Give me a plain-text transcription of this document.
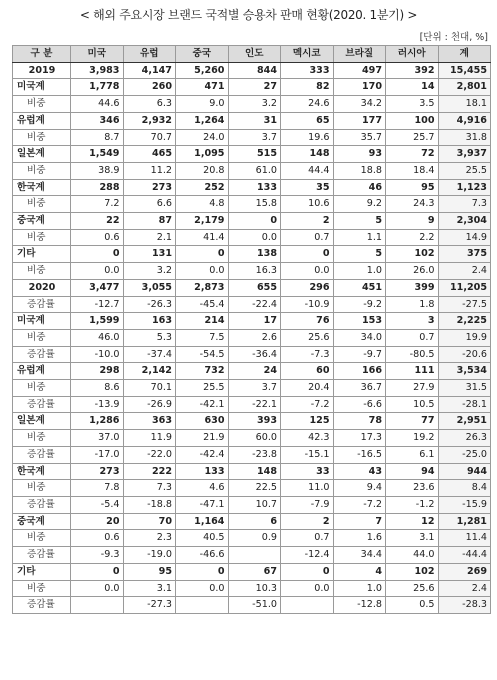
< 해외 주요시장 브랜드 국적별 승용차 판매 현황(2020. 1분기) >
[단위 : 천대, %]
구 분	미국	유럽	중국	인도	멕시코	브라질	러시아	계
2019	3,983	4,147	5,260	844	333	497	392	15,455
미국계	1,778	260	471	27	82	170	14	2,801
비중	44.6	6.3	9.0	3.2	24.6	34.2	3.5	18.1
유럽계	346	2,932	1,264	31	65	177	100	4,916
비중	8.7	70.7	24.0	3.7	19.6	35.7	25.7	31.8
일본계	1,549	465	1,095	515	148	93	72	3,937
비중	38.9	11.2	20.8	61.0	44.4	18.8	18.4	25.5
한국계	288	273	252	133	35	46	95	1,123
비중	7.2	6.6	4.8	15.8	10.6	9.2	24.3	7.3
중국계	22	87	2,179	0	2	5	9	2,304
비중	0.6	2.1	41.4	0.0	0.7	1.1	2.2	14.9
기타	0	131	0	138	0	5	102	375
비중	0.0	3.2	0.0	16.3	0.0	1.0	26.0	2.4
2020	3,477	3,055	2,873	655	296	451	399	11,205
증감률	-12.7	-26.3	-45.4	-22.4	-10.9	-9.2	1.8	-27.5
미국계	1,599	163	214	17	76	153	3	2,225
비중	46.0	5.3	7.5	2.6	25.6	34.0	0.7	19.9
증감률	-10.0	-37.4	-54.5	-36.4	-7.3	-9.7	-80.5	-20.6
유럽계	298	2,142	732	24	60	166	111	3,534
비중	8.6	70.1	25.5	3.7	20.4	36.7	27.9	31.5
증감률	-13.9	-26.9	-42.1	-22.1	-7.2	-6.6	10.5	-28.1
일본계	1,286	363	630	393	125	78	77	2,951
비중	37.0	11.9	21.9	60.0	42.3	17.3	19.2	26.3
증감률	-17.0	-22.0	-42.4	-23.8	-15.1	-16.5	6.1	-25.0
한국계	273	222	133	148	33	43	94	944
비중	7.8	7.3	4.6	22.5	11.0	9.4	23.6	8.4
증감률	-5.4	-18.8	-47.1	10.7	-7.9	-7.2	-1.2	-15.9
중국계	20	70	1,164	6	2	7	12	1,281
비중	0.6	2.3	40.5	0.9	0.7	1.6	3.1	11.4
증감률	-9.3	-19.0	-46.6		-12.4	34.4	44.0	-44.4
기타	0	95	0	67	0	4	102	269
비중	0.0	3.1	0.0	10.3	0.0	1.0	25.6	2.4
증감률		-27.3		-51.0		-12.8	0.5	-28.3
